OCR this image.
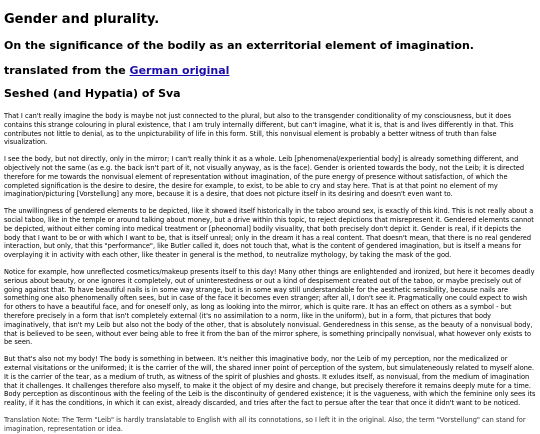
Gender and plurality.
On the significance of the bodily as an exterritorial element of imagination.
translated from the German original
Seshed (and Hypatia) of Sva

That I can't really imagine the body is maybe not just connected to the plural, but also to the transgender conditionality of my consciousness, but it does contains this strange colouring in plural existence, that I am truly internally different, but can't imagine, what it is, that is and lives differently in that. This contributes not little to denial, as to the unpicturability of life in this form. Still, this nonvisual element is probably a better witness of truth than false visualization.

I see the body, but not directly, only in the mirror; I can't really think it as a whole. Leib [phenomenal/experiential body] is already something different, and objectively not the same (as e.g. the back isn't part of it, not visually anyway, as is the face). Gender is oriented towards the body, not the Leib; it is directed therefore for me towards the nonvisual element of representation without imagination, of the pure energy of presence without satisfaction, of which the completed signification is the desire to desire, the desire for example, to exist, to be able to cry and stay here. That is at that point no element of my imagination/picturing [Vorstellung] any more, because it is a desire, that does not picture itself in its desiring and doesn't even want to.

The unwillingness of gendered elements to be depicted, like it showed itself historically in the taboo around sex, is exactly of this kind. This is not really about a social taboo, like in the temple or around talking about money, but a drive within this topic, to reject depictions that misrepresent it. Gendered elements cannot be depicted, without either coming into medical treatment or [pheonomal] bodily visuality, that both precisely don't depict it. Gender is real, if it depicts the body that I want to be or with which I want to be, that is itself unreal; only in the dream it has a real content. That doesn't mean, that there is no real gendered interaction, but only, that this "performance", like Butler called it, does not touch that, what is the content of gendered imagination, but is itself a means for overplaying it in activity with each other, like theater in general is the method, to neutralize mythology, by taking the mask of the god.

Notice for example, how unreflected cosmetics/makeup presents itself to this day! Many other things are enlightended and ironized, but here it becomes deadly serious about beauty, or one ignores it completely, out of uninterestedness or out a kind of despisement created out of the taboo, or maybe precisely out of going against that. To have beautiful nails is in some way strange, but is in some way still understandable for the aesthetic sensibility, because nails are something one also phenomenally often sees, but in case of the face it becomes even stranger; after all, I don't see it. Pragmatically one could expect to wish for others to have a beautiful face, and for oneself only, as long as looking into the mirror, which is quite rare. It has an effect on others as a symbol - but therefore precisely in a form that isn't completely external (it's no assimilation to a norm, like in the uniform), but in a form, that pictures that body imaginatively, that isn't my Leib but also not the body of the other, that is absolutely nonvisual. Genderedness in this sense, as the beauty of a nonvisual body, that is believed to be seen, without ever being able to free it from the ban of the mirror sphere, is something principally nonvisual, what however only exists to be seen.

But that's also not my body! The body is something in between. It's neither this imaginative body, nor the Leib of my perception, nor the medicalized or external visitations or the uniformed; it is the carrier of the will, the shared inner point of perception of the system, but simulateneously related to myself alone. It is the carrier of the tear, as a medium of truth, as witness of the spirit of plushies and ghosts. It exludes itself, as nonvisual, from the medium of imagination that it challenges. It challenges therefore also myself, to make it the object of my desire and change, but precisely therefore it remains deeply mute for a time. Body perception as discontinous with the feeling of the Leib is the discontinuity of gendered existence; it is the vagueness, with which the feminine only sees its reality, if it has the conditions, in which it can exist, already discarded, and tries after the fact to persue after the tear that once it didn't want to be noticed.

Translation Note: The Term "Leib" is hardly translatable to English with all its connotations, so I left it in the original. Also, the term "Vorstellung" can stand for imagination, representation or idea.
